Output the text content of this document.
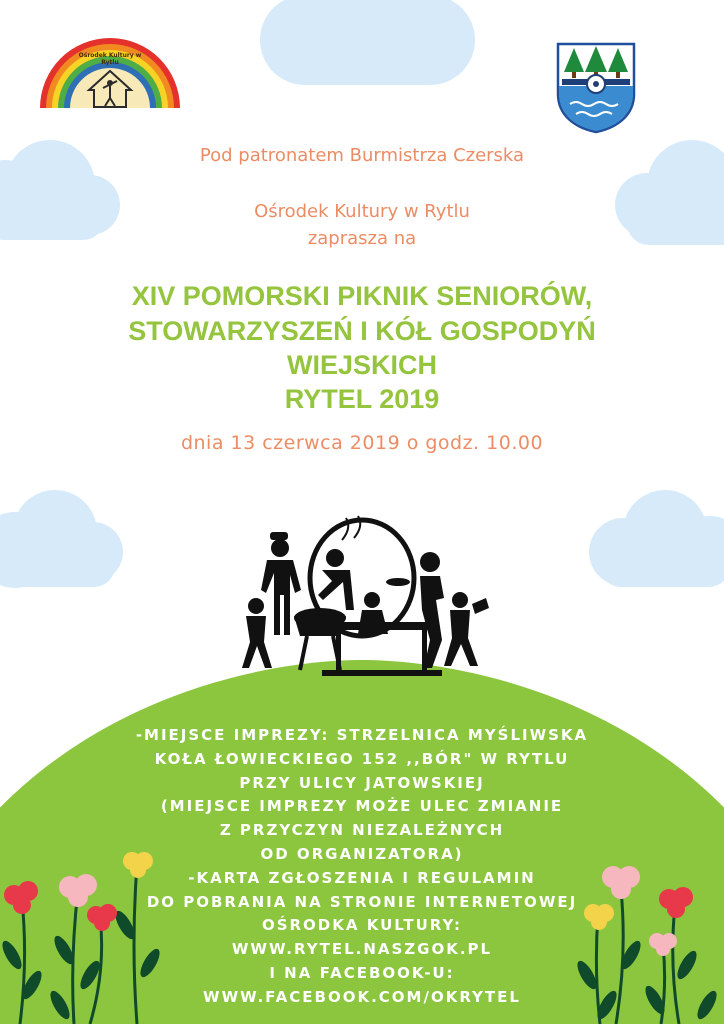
Ośrodek Kultury w Rytlu
Pod patronatem Burmistrza Czerska
Ośrodek Kultury w Rytlu
zaprasza na
XIV POMORSKI PIKNIK SENIORÓW,
STOWARZYSZEŃ I KÓŁ GOSPODYŃ
WIEJSKICH
RYTEL 2019
dnia 13 czerwca 2019 o godz. 10.00
-MIEJSCE IMPREZY: STRZELNICA MYŚLIWSKA
KOŁA ŁOWIECKIEGO 152 ,,BÓR" W RYTLU
PRZY ULICY JATOWSKIEJ
(MIEJSCE IMPREZY MOŻE ULEC ZMIANIE
Z PRZYCZYN NIEZALEŻNYCH
OD ORGANIZATORA)
-KARTA ZGŁOSZENIA I REGULAMIN
DO POBRANIA NA STRONIE INTERNETOWEJ
OŚRODKA KULTURY:
WWW.RYTEL.NASZGOK.PL
I NA FACEBOOK-U:
WWW.FACEBOOK.COM/OKRYTEL
